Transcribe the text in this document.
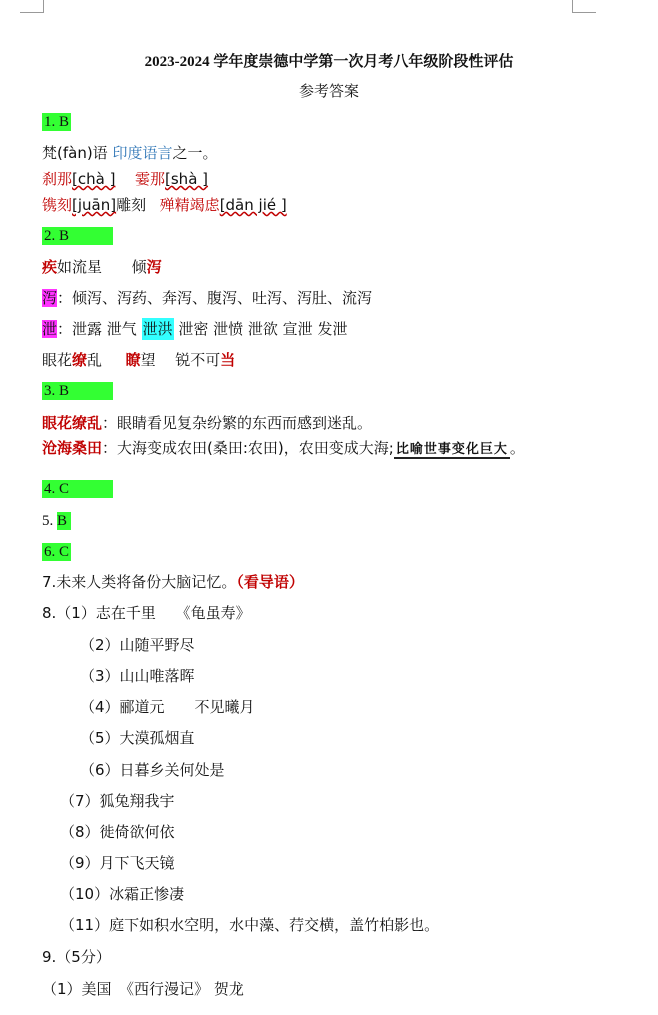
2023-2024 学年度崇德中学第一次月考八年级阶段性评估
参考答案
1. B
梵(fàn)语 印度语言之一。
刹那[chà ] 霎那[shà ]
镌刻[juān]雕刻 殚精竭虑[dān jié ]
2. B
疾如流星 倾泻
泻：倾泻、泻药、奔泻、腹泻、吐泻、泻肚、流泻
泄：泄露 泄气 泄洪 泄密 泄愤 泄欲 宣泄 发泄
眼花缭乱 瞭望 锐不可当
3. B
眼花缭乱：眼睛看见复杂纷繁的东西而感到迷乱。
沧海桑田：大海变成农田(桑田:农田)，农田变成大海; 比喻世事变化巨大 。
4. C
5. B
6. C
7.未来人类将备份大脑记忆。（看导语）
8.（1）志在千里　 《龟虽寿》
（2）山随平野尽
（3）山山唯落晖
（4）郦道元　　不见曦月
（5）大漠孤烟直
（6）日暮乡关何处是
（7）狐兔翔我宇
（8）徙倚欲何依
（9）月下飞天镜
（10）冰霜正惨凄
（11）庭下如积水空明，水中藻、荇交横，盖竹柏影也。
9.（5分）
（1）美国　《西行漫记》 贺龙
